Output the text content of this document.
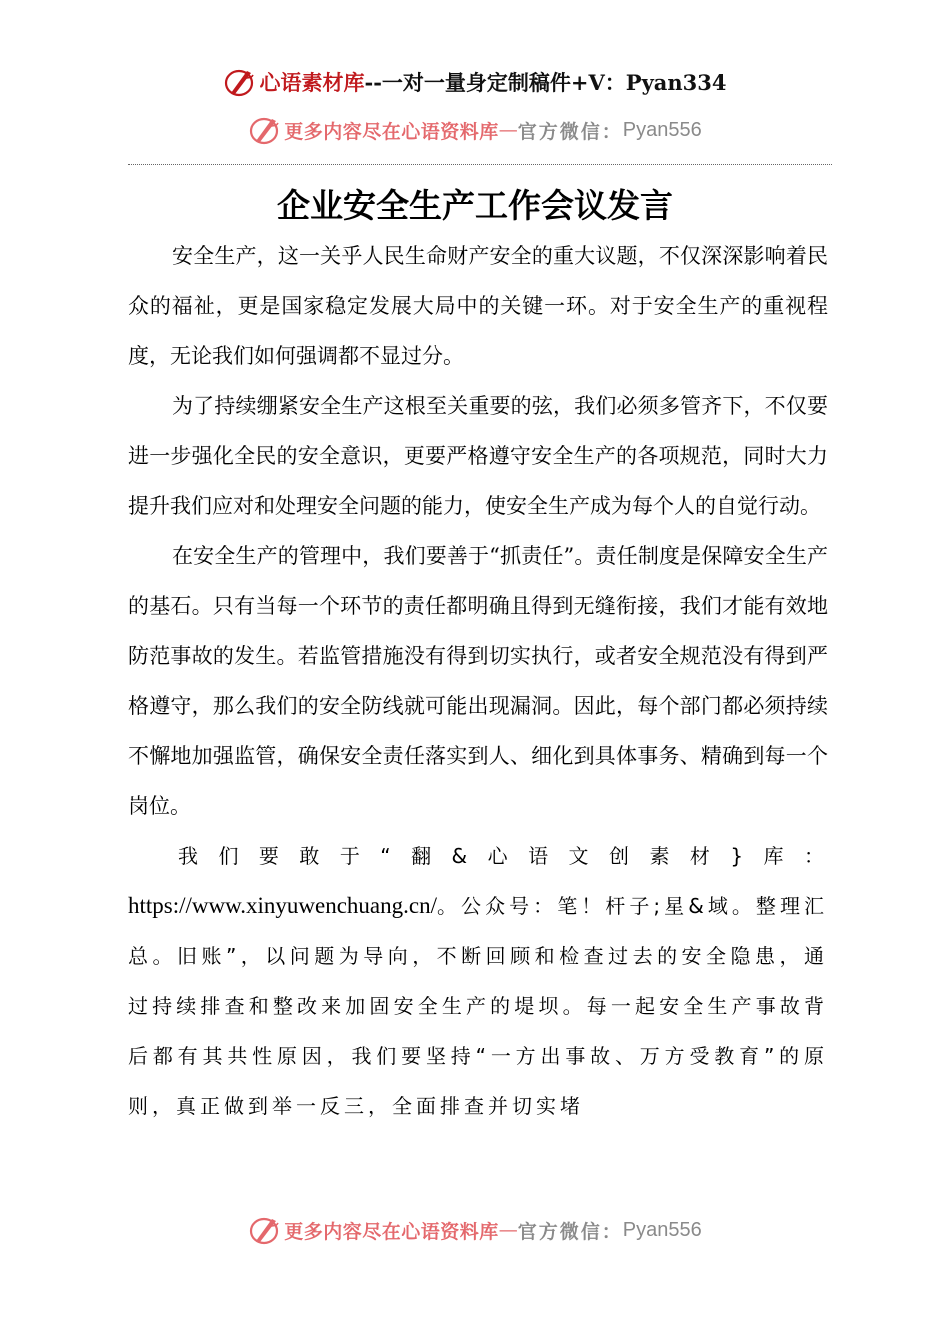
心语素材库 --一对一量身定制稿件+V：Pyan334
更多内容尽在心语资料库 — 官方微信： Pyan556
企业安全生产工作会议发言

安全生产，这一关乎人民生命财产安全的重大议题，不仅深深影响着民众的福祉，更是国家稳定发展大局中的关键一环。对于安全生产的重视程度，无论我们如何强调都不显过分。

为了持续绷紧安全生产这根至关重要的弦，我们必须多管齐下，不仅要进一步强化全民的安全意识，更要严格遵守安全生产的各项规范，同时大力提升我们应对和处理安全问题的能力，使安全生产成为每个人的自觉行动。

在安全生产的管理中，我们要善于“抓责任”。责任制度是保障安全生产的基石。只有当每一个环节的责任都明确且得到无缝衔接，我们才能有效地防范事故的发生。若监管措施没有得到切实执行，或者安全规范没有得到严格遵守，那么我们的安全防线就可能出现漏洞。因此，每个部门都必须持续不懈地加强监管，确保安全责任落实到人、细化到具体事务、精确到每一个岗位。

我们要敢于“翻&心语文创素材}库：https://www.xinyuwenchuang.cn/。公众号：笔！杆子;星&域。整理汇总。旧账”，以问题为导向，不断回顾和检查过去的安全隐患，通过持续排查和整改来加固安全生产的堤坝。每一起安全生产事故背后都有其共性原因，我们要坚持“一方出事故、万方受教育”的原则，真正做到举一反三，全面排查并切实堵

更多内容尽在心语资料库 — 官方微信： Pyan556
